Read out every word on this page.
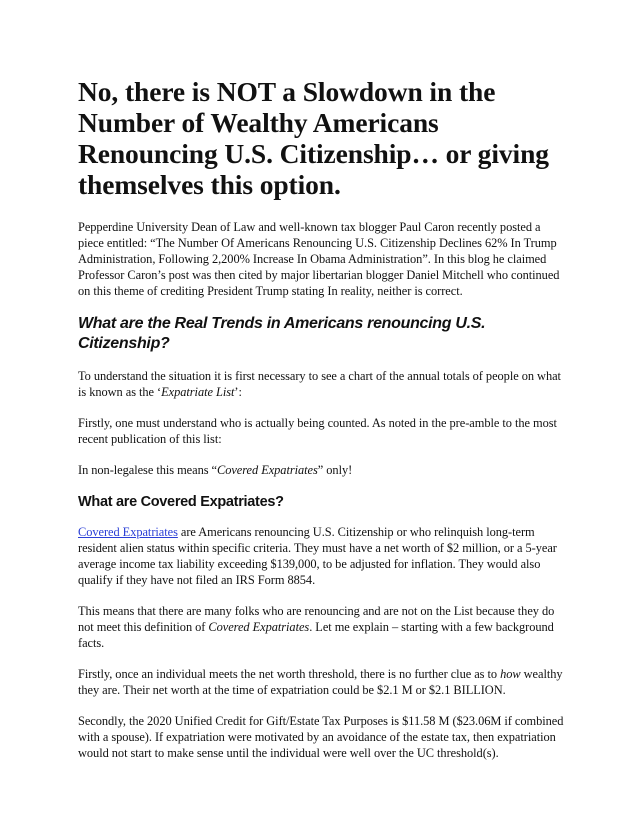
No, there is NOT a Slowdown in the Number of Wealthy Americans Renouncing U.S. Citizenship… or giving themselves this option.

Pepperdine University Dean of Law and well-known tax blogger Paul Caron recently posted a piece entitled: “The Number Of Americans Renouncing U.S. Citizenship Declines 62% In Trump Administration, Following 2,200% Increase In Obama Administration”. In this blog he claimed Professor Caron’s post was then cited by major libertarian blogger Daniel Mitchell who continued on this theme of crediting President Trump stating In reality, neither is correct.

What are the Real Trends in Americans renouncing U.S. Citizenship?

To understand the situation it is first necessary to see a chart of the annual totals of people on what is known as the ‘Expatriate List’:

Firstly, one must understand who is actually being counted. As noted in the pre-amble to the most recent publication of this list:

In non-legalese this means “Covered Expatriates” only!

What are Covered Expatriates?

Covered Expatriates are Americans renouncing U.S. Citizenship or who relinquish long-term resident alien status within specific criteria. They must have a net worth of $2 million, or a 5-year average income tax liability exceeding $139,000, to be adjusted for inflation. They would also qualify if they have not filed an IRS Form 8854.

This means that there are many folks who are renouncing and are not on the List because they do not meet this definition of Covered Expatriates. Let me explain – starting with a few background facts.

Firstly, once an individual meets the net worth threshold, there is no further clue as to how wealthy they are. Their net worth at the time of expatriation could be $2.1 M or $2.1 BILLION.

Secondly, the 2020 Unified Credit for Gift/Estate Tax Purposes is $11.58 M ($23.06M if combined with a spouse). If expatriation were motivated by an avoidance of the estate tax, then expatriation would not start to make sense until the individual were well over the UC threshold(s).
